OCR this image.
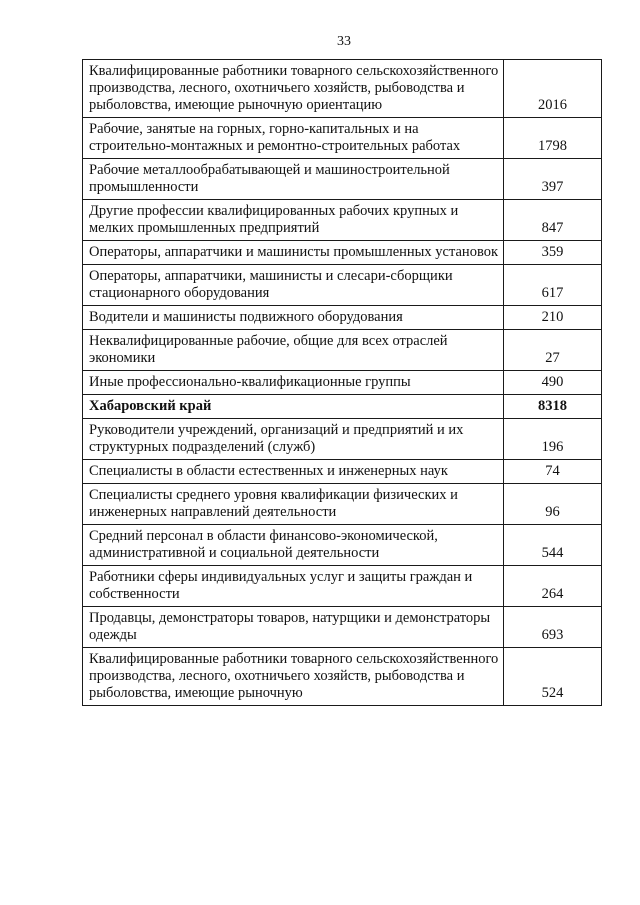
33
Квалифицированные работники товарного сельскохозяйственного производства, лесного, охотничьего хозяйств, рыбоводства и рыболовства, имеющие рыночную ориентацию	2016
Рабочие, занятые на горных, горно-капитальных и на строительно-монтажных и ремонтно-строительных работах	1798
Рабочие металлообрабатывающей и машиностроительной промышленности	397
Другие профессии квалифицированных рабочих крупных и мелких промышленных предприятий	847
Операторы, аппаратчики и машинисты промышленных установок	359
Операторы, аппаратчики, машинисты и слесари-сборщики стационарного оборудования	617
Водители и машинисты подвижного оборудования	210
Неквалифицированные рабочие, общие для всех отраслей экономики	27
Иные профессионально-квалификационные группы	490
Хабаровский край	8318
Руководители учреждений, организаций и предприятий и их структурных подразделений (служб)	196
Специалисты в области естественных и инженерных наук	74
Специалисты среднего уровня квалификации физических и инженерных направлений деятельности	96
Средний персонал в области финансово-экономической, административной и социальной деятельности	544
Работники сферы индивидуальных услуг и защиты граждан и собственности	264
Продавцы, демонстраторы товаров, натурщики и демонстраторы одежды	693
Квалифицированные работники товарного сельскохозяйственного производства, лесного, охотничьего хозяйств, рыбоводства и рыболовства, имеющие рыночную	524
